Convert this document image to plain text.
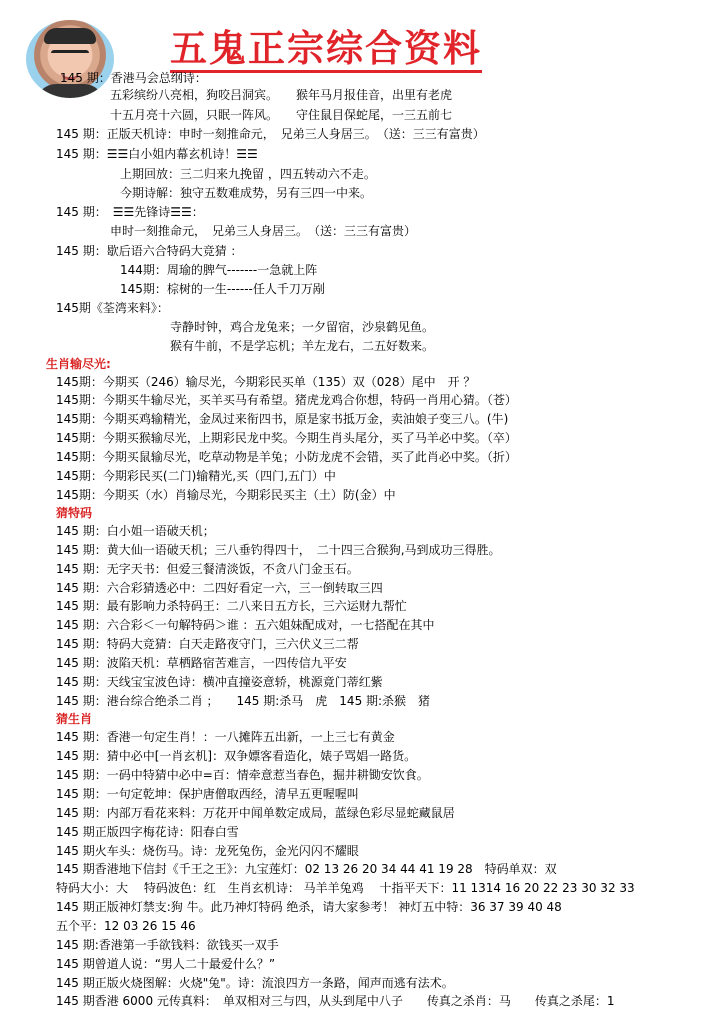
五鬼正宗综合资料
145 期：香港马会总纲诗：
五彩缤纷八亮相，狗咬吕洞宾。　　猴年马月报佳音，出里有老虎
十五月亮十六圆，只眠一阵风。　　守住鼠目保蛇尾，一三五前七
145 期：正版天机诗：申时一刻推命元，　兄弟三人身居三。　（送：三三有富贵）
145 期：☰☰白小姐内幕玄机诗！☰☰
上期回放：三二归来九挽留 ，四五转动六不走。
今期诗解：独守五数难成势，另有三四一中来。
145 期：　☰☰先锋诗☰☰：
申时一刻推命元，　兄弟三人身居三。　（送：三三有富贵）
145 期：歇后语六合特码大竞猜 ：
144期：周瑜的脾气-------一急就上阵
145期：棕树的一生------任人千刀万剐
145期《荃湾来料》：
寺静时钟，鸡合龙兔来；一夕留宿，沙泉鹤见鱼。
猴有牛前，不是学忘机；羊左龙右，二五好数来。
生肖输尽光:
145期：今期买（246）输尽光，今期彩民买单（135）双（028）尾中　开 ？
145期：今期买牛输尽光，买羊买马有希望。猪虎龙鸡合你想，特码一肖用心猜。（苍）
145期：今期买鸡输精光，金凤过来衔四书，原是家书抵万金，卖油娘子变三八。(牛)
145期：今期买猴输尽光，上期彩民龙中奖。今期生肖头尾分，买了马羊必中奖。（卒）
145期：今期买鼠输尽光，吃草动物是羊兔；小防龙虎不会错，买了此肖必中奖。（折）
145期：今期彩民买(二门)输精光,买（四门,五门）中
145期：今期买（水）肖输尽光，今期彩民买主（土）防(金）中
猜特码
145 期：白小姐一语破天机；
145 期：黄大仙一语破天机；三八垂钓得四十，　二十四三合猴狗,马到成功三得胜。
145 期：无字天书：但爱三餐清淡饭，不贪八门金玉石。
145 期：六合彩猜透必中：二四好看定一六，三一倒转取三四
145 期：最有影响力杀特码王：二八来日五方长，三六运财九帮忙
145 期：六合彩＜一句解特码＞谁 ：五六姐妹配成对，一七搭配在其中
145 期：特码大竞猜：白天走路夜守门，三六伏义三二帮
145 期：波陷天机：草栖路宿苦难言，一四传信九平安
145 期：天线宝宝波色诗：横冲直撞姿意轿，桃源竟门蒂红紫
145 期：港台综合绝杀二肖 ；　　145 期:杀马　虎　145 期:杀猴　猪
猜生肖
145 期：香港一句定生肖！：一八摊阵五出新，一上三七有黄金
145 期：猜中必中[一肖玄机]：双争嫖客看造化，婊子骂娼一路货。
145 期：一码中特猜中必中=百：情牵意惹当春色，掘井耕锄安饮食。
145 期：一句定乾坤：保护唐僧取西经，清早五更喔喔叫
145 期：内部万看花来料：万花开中闻单数定成局，蓝绿色彩尽显蛇藏鼠居
145 期正版四字梅花诗：阳春白雪
145 期火车头：烧伤马。诗：龙死兔伤，金光闪闪不耀眼
145 期香港地下信封《千王之王》：九宝莲灯：02 13 26 20 34 44 41 19 28　特码单双：双
特码大小：大　 特码波色：红　生肖玄机诗： 马羊羊兔鸡　 十指平天下：11 1314 16 20 22 23 30 32 33
145 期正版神灯禁支:狗 牛。此乃神灯特码 绝杀，请大家参考！ 神灯五中特：36 37 39 40 48
五个平：12 03 26 15 46
145 期:香港第一手欲钱料：欲钱买一双手
145 期曾道人说：“男人二十最爱什么？”
145 期正版火烧图解：火烧"兔"。诗：流浪四方一条路，闻声而逃有法术。
145 期香港 6000 元传真料：　单双相对三与四，从头到尾中八子　　传真之杀肖：马　　传真之杀尾：1
